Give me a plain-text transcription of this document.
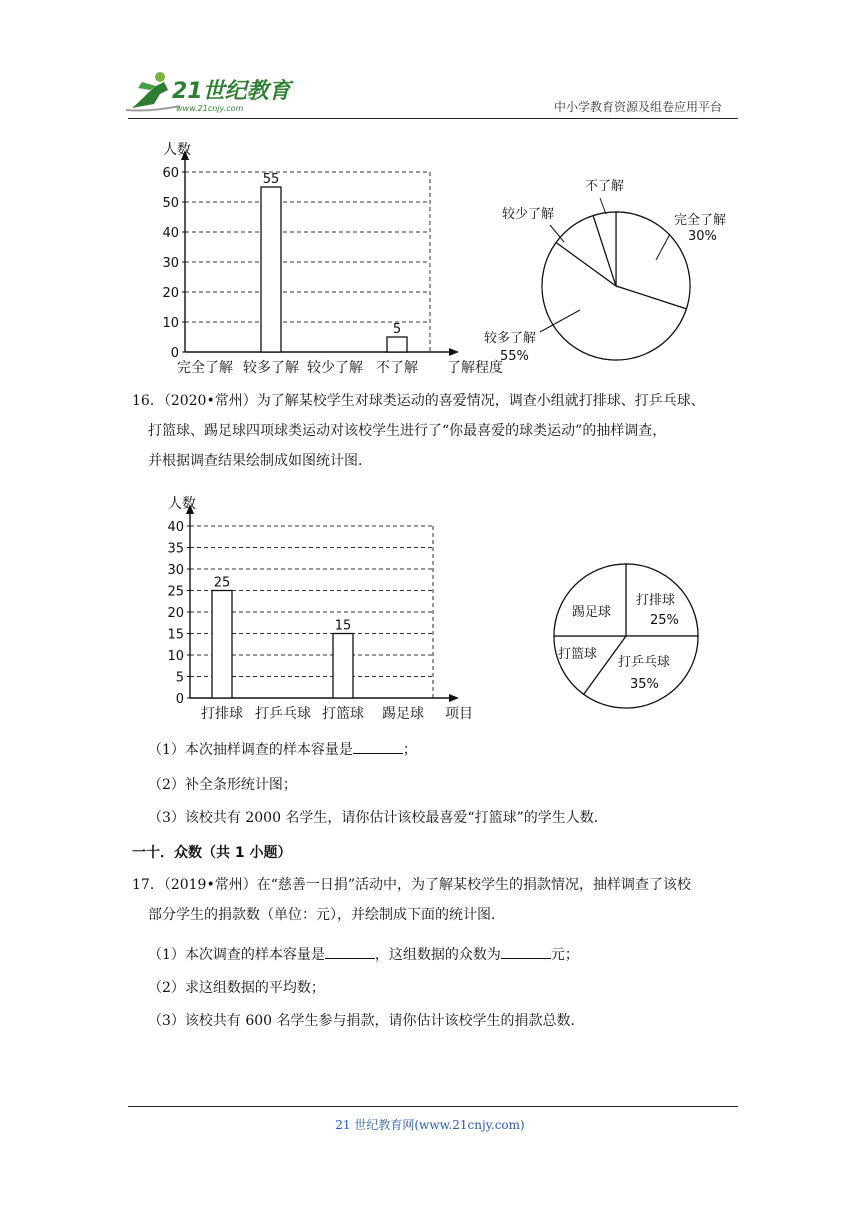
21世纪教育
www.21cnjy.com	中小学教育资源及组卷应用平台
0
10
20
30
40
50
60
人数
了解程度
完全了解 较多了解
55
较少了解 不了解
5
完全了解
30%
较多了解
55%
较少了解
不了解
16．（2020•常州）为了解某校学生对球类运动的喜爱情况，调查小组就打排球、打乒乓球、
打篮球、踢足球四项球类运动对该校学生进行了“你最喜爱的球类运动”的抽样调查，
并根据调查结果绘制成如图统计图．
0
5
10
15
20
25
30
35
40
人数
项目
打排球
25
打乒乓球 打篮球
15
踢足球
打排球
25%
打乒乓球
35%
打篮球
踢足球
（1）本次抽样调查的样本容量是	；
（2）补全条形统计图；
（3）该校共有 2000 名学生，请你估计该校最喜爱“打篮球”的学生人数．
一十．众数（共 1 小题）
17．（2019•常州）在“慈善一日捐”活动中，为了解某校学生的捐款情况，抽样调查了该校
部分学生的捐款数（单位：元），并绘制成下面的统计图．
（1）本次调查的样本容量是	，这组数据的众数为	元；
（2）求这组数据的平均数；
（3）该校共有 600 名学生参与捐款，请你估计该校学生的捐款总数．
21 世纪教育网(www.21cnjy.com)
